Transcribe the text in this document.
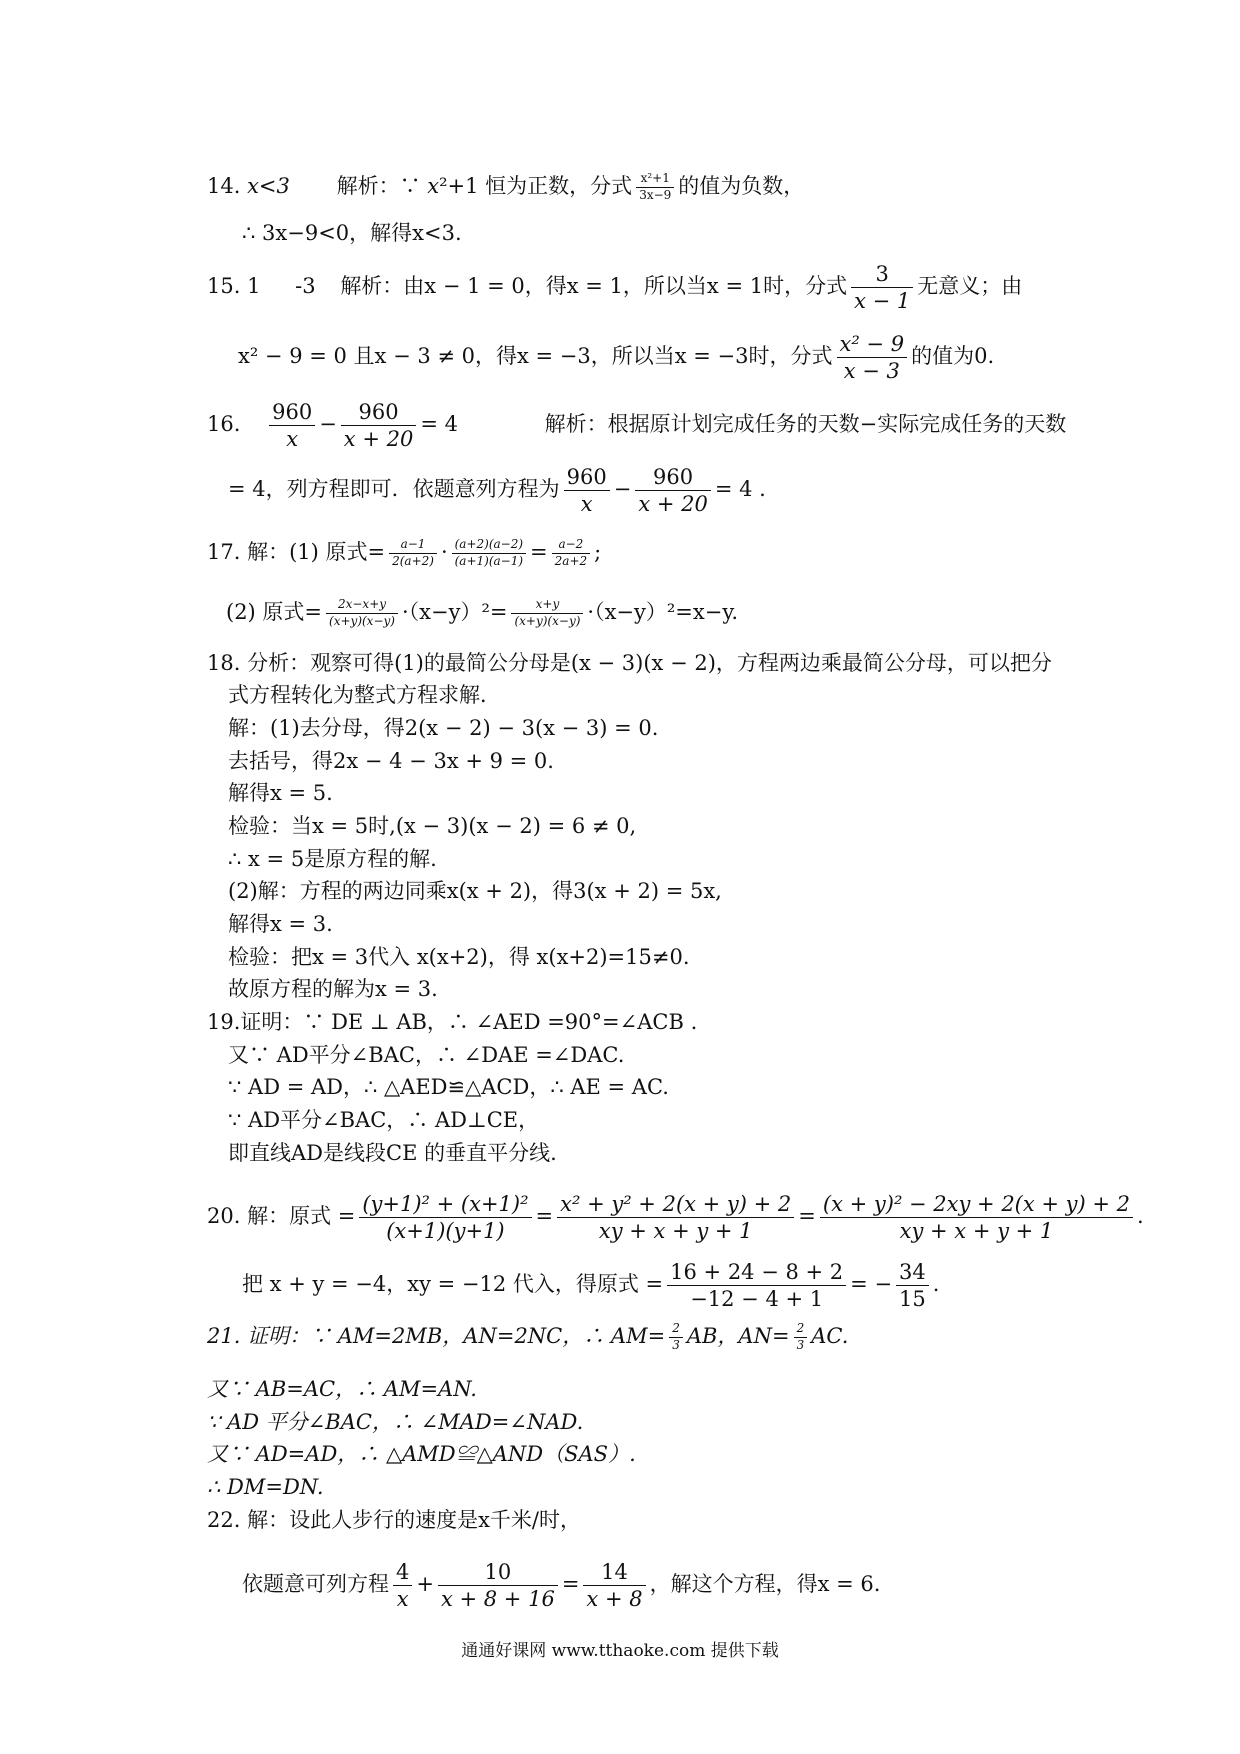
14. x<3 解析：∵ x²+1 恒为正数，分式 $\frac{\text{x²+1}}{3x-9}$ 的值为负数，
∴ 3x−9<0，解得x<3.
15. 1 -3 解析：由x − 1 = 0，得x = 1，所以当x = 1时，分式 $\frac{3}{x - 1}$ 无意义；由
x² − 9 = 0 且x − 3 ≠ 0，得x = −3，所以当x = −3时，分式 $\frac{\text{x² − 9}}{x - 3}$ 的值为0.
16. $\frac{960}{x} - \frac{960}{x + 20} = 4$	解析：根据原计划完成任务的天数−实际完成任务的天数
= 4，列方程即可．依题意列方程为 $\frac{960}{x} - \frac{960}{x + 20} = 4$ .
17. 解：(1) 原式= $\frac{a-1}{2(a+2)} \cdot \frac{(a+2)(a-2)}{(a+1)(a-1)} = \frac{a-2}{2a+2}$ ;
(2) 原式= $\frac{2x-x+y}{(x+y)(x-y)} \cdot(x-y)^2= \frac{x+y}{(x+y)(x-y)} \cdot(x-y)^2=x-y$.
18. 分析：观察可得(1)的最简公分母是(x − 3)(x − 2)，方程两边乘最简公分母，可以把分
式方程转化为整式方程求解．
解：(1)去分母，得2(x − 2) − 3(x − 3) = 0.
去括号，得2x − 4 − 3x + 9 = 0.
解得x = 5.
检验：当x = 5时,(x − 3)(x − 2) = 6 ≠ 0,
∴ x = 5是原方程的解.
(2)解：方程的两边同乘x(x + 2)，得3(x + 2) = 5x,
解得x = 3.
检验：把x = 3代入 x(x+2)，得 x(x+2)=15≠0.
故原方程的解为x = 3.
19.证明：∵ DE ⊥ AB，∴ ∠AED =90°=∠ACB .
又∵ AD平分∠BAC，∴ ∠DAE =∠DAC.
∵ AD = AD，∴ △AED≌△ACD，∴ AE = AC.
∵ AD平分∠BAC，∴ AD⊥CE，
即直线AD是线段CE 的垂直平分线.
20. 解：原式 = $\frac{\text{(y+1)² + (x+1)²}}{(x+1)(y+1)} = \frac{\text{x² + y² + 2(x + y) + 2}}{xy + x + y + 1} = \frac{\text{(x + y)² − 2xy + 2(x + y) + 2}}{xy + x + y + 1}$ .
把 x + y = −4，xy = −12 代入，得原式 = $\frac{16 + 24 - 8 + 2}{-12 - 4 + 1}$ = − $\frac{34}{15}$ .
21. 证明：∵ AM=2MB，AN=2NC，∴ $AM= \frac{2}{3}$ AB，$AN= \frac{2}{3}$ AC.
又∵ AB=AC，∴ AM=AN.
∵ AD 平分∠BAC，∴ ∠MAD=∠NAD.
又∵ AD=AD，∴ △AMD≌△AND（SAS）.
∴ DM=DN.
22. 解：设此人步行的速度是x千米/时，
依题意可列方程 $\frac{4}{x} + \frac{10}{x + 8 + 16} = \frac{14}{x + 8}$ ，解这个方程，得x = 6.
通通好课网 www.tthaoke.com 提供下载
